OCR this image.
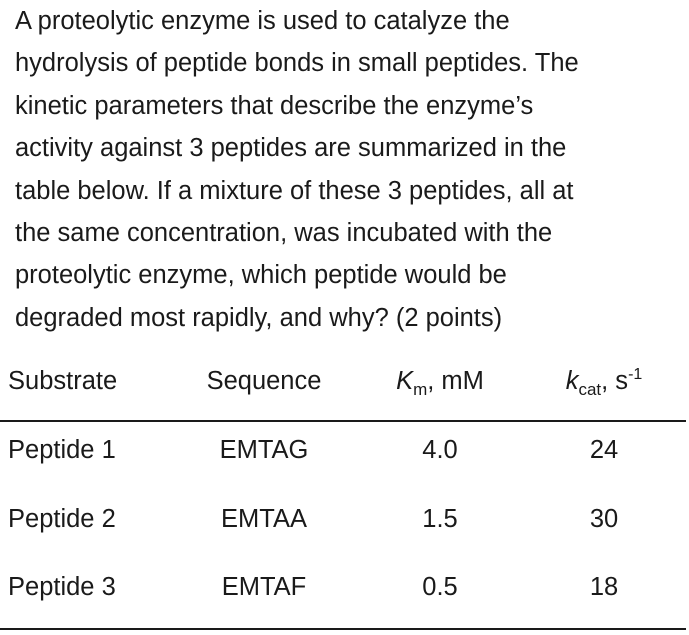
A proteolytic enzyme is used to catalyze the
hydrolysis of peptide bonds in small peptides. The
kinetic parameters that describe the enzyme’s
activity against 3 peptides are summarized in the
table below. If a mixture of these 3 peptides, all at
the same concentration, was incubated with the
proteolytic enzyme, which peptide would be
degraded most rapidly, and why? (2 points)
Substrate	Sequence	$K_m$, mM	$k_{cat}$, $s^{-1}$
Peptide 1	EMTAG	4.0	24
Peptide 2	EMTAA	1.5	30
Peptide 3	EMTAF	0.5	18
